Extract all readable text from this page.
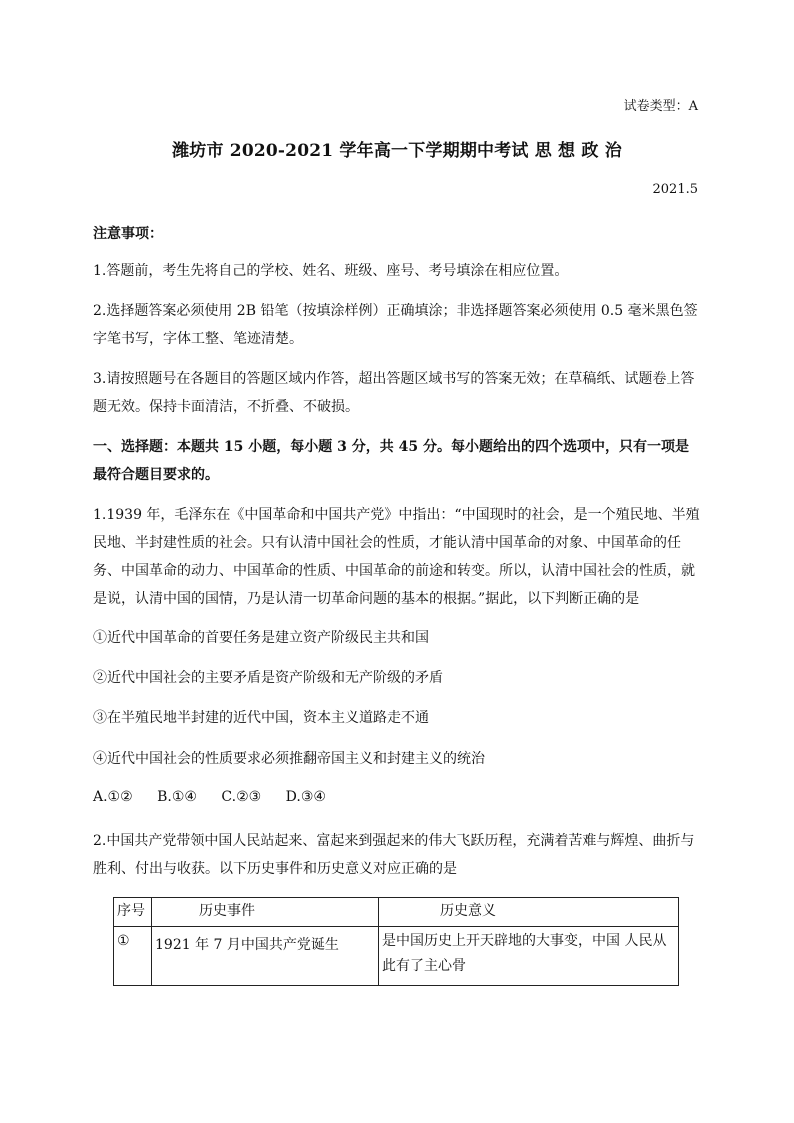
试卷类型：A
潍坊市 2020-2021 学年高一下学期期中考试 思 想 政 治
2021.5
注意事项：
1.答题前，考生先将自己的学校、姓名、班级、座号、考号填涂在相应位置。
2.选择题答案必须使用 2B 铅笔（按填涂样例）正确填涂；非选择题答案必须使用 0.5 毫米黑色签字笔书写，字体工整、笔迹清楚。
3.请按照题号在各题目的答题区域内作答，超出答题区域书写的答案无效；在草稿纸、试题卷上答题无效。保持卡面清洁，不折叠、不破损。
一、选择题：本题共 15 小题，每小题 3 分，共 45 分。每小题给出的四个选项中，只有一项是最符合题目要求的。
1.1939 年，毛泽东在《中国革命和中国共产党》中指出：“中国现时的社会，是一个殖民地、半殖民地、半封建性质的社会。只有认清中国社会的性质，才能认清中国革命的对象、中国革命的任务、中国革命的动力、中国革命的性质、中国革命的前途和转变。所以，认清中国社会的性质，就是说，认清中国的国情，乃是认清一切革命问题的基本的根据。”据此，以下判断正确的是
①近代中国革命的首要任务是建立资产阶级民主共和国
②近代中国社会的主要矛盾是资产阶级和无产阶级的矛盾
③在半殖民地半封建的近代中国，资本主义道路走不通
④近代中国社会的性质要求必须推翻帝国主义和封建主义的统治
A.①② B.①④ C.②③ D.③④
2.中国共产党带领中国人民站起来、富起来到强起来的伟大飞跃历程，充满着苦难与辉煌、曲折与胜利、付出与收获。以下历史事件和历史意义对应正确的是
序号	历史事件	历史意义
①	1921 年 7 月中国共产党诞生	是中国历史上开天辟地的大事变，中国 人民从此有了主心骨
